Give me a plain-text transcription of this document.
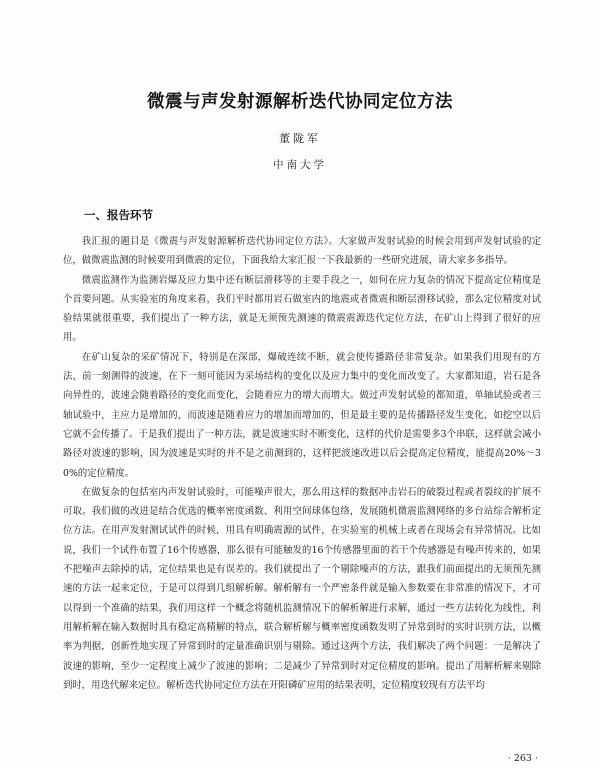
微震与声发射源解析迭代协同定位方法
董陇军
中南大学
一、报告环节

我汇报的题目是《微震与声发射源解析迭代协同定位方法》。大家做声发射试验的时候会用到声发射试验的定位，做微震监测的时候要用到微震的定位，下面我给大家汇报一下我最新的一些研究进展，请大家多多指导。

微震监测作为监测岩爆及应力集中还有断层滑移等的主要手段之一，如何在应力复杂的情况下提高定位精度是个首要问题。从实验室的角度来看，我们平时都用岩石做室内的地震或者微震和断层滑移试验，那么定位精度对试验结果就很重要，我们提出了一种方法，就是无须预先测速的微震震源迭代定位方法，在矿山上得到了很好的应用。

在矿山复杂的采矿情况下，特别是在深部，爆破连续不断，就会使传播路径非常复杂。如果我们用现有的方法，前一刻测得的波速，在下一刻可能因为采场结构的变化以及应力集中的变化而改变了。大家都知道，岩石是各向异性的，波速会随着路径的变化而变化，会随着应力的增大而增大。做过声发射试验的都知道，单轴试验或者三轴试验中，主应力是增加的，而波速是随着应力的增加而增加的，但是最主要的是传播路径发生变化，如挖空以后它就不会传播了。于是我们提出了一种方法，就是波速实时不断变化，这样的代价是需要多3个串联，这样就会减小路径对波速的影响，因为波速是实时的并不是之前测到的，这样把波速改进以后会提高定位精度，能提高20%～30%的定位精度。

在做复杂的包括室内声发射试验时，可能噪声很大，那么用这样的数据冲击岩石的破裂过程或者裂纹的扩展不可取。我们做的改进是结合优选的概率密度函数、利用空间球体包络，发展随机微震监测网络的多台站综合解析定位方法。在用声发射测试试件的时候，用具有明确震源的试件，在实验室的机械上或者在现场会有异常情况。比如说，我们一个试件布置了16个传感器，那么很有可能触发的16个传感器里面的若干个传感器是有噪声传来的，如果不把噪声去除掉的话，定位结果也是有误差的。我们就提出了一个剔除噪声的方法，跟我们前面提出的无须预先测速的方法一起来定位，于是可以得到几组解析解。解析解有一个严密条件就是输入参数要在非常准的情况下，才可以得到一个准确的结果，我们用这样一个概念将随机监测情况下的解析解进行求解，通过一些方法转化为线性，利用解析解在输入数据时具有稳定高精解的特点，联合解析解与概率密度函数发明了异常到时的实时识别方法，以概率为判据，创新性地实现了异常到时的定量准确识别与剔除。通过这两个方法，我们解决了两个问题：一是解决了波速的影响，至少一定程度上减少了波速的影响；二是减少了异常到时对定位精度的影响。提出了用解析解来剔除到时，用迭代解来定位。解析迭代协同定位方法在开阳磷矿应用的结果表明，定位精度较现有方法平均

· 263 ·
